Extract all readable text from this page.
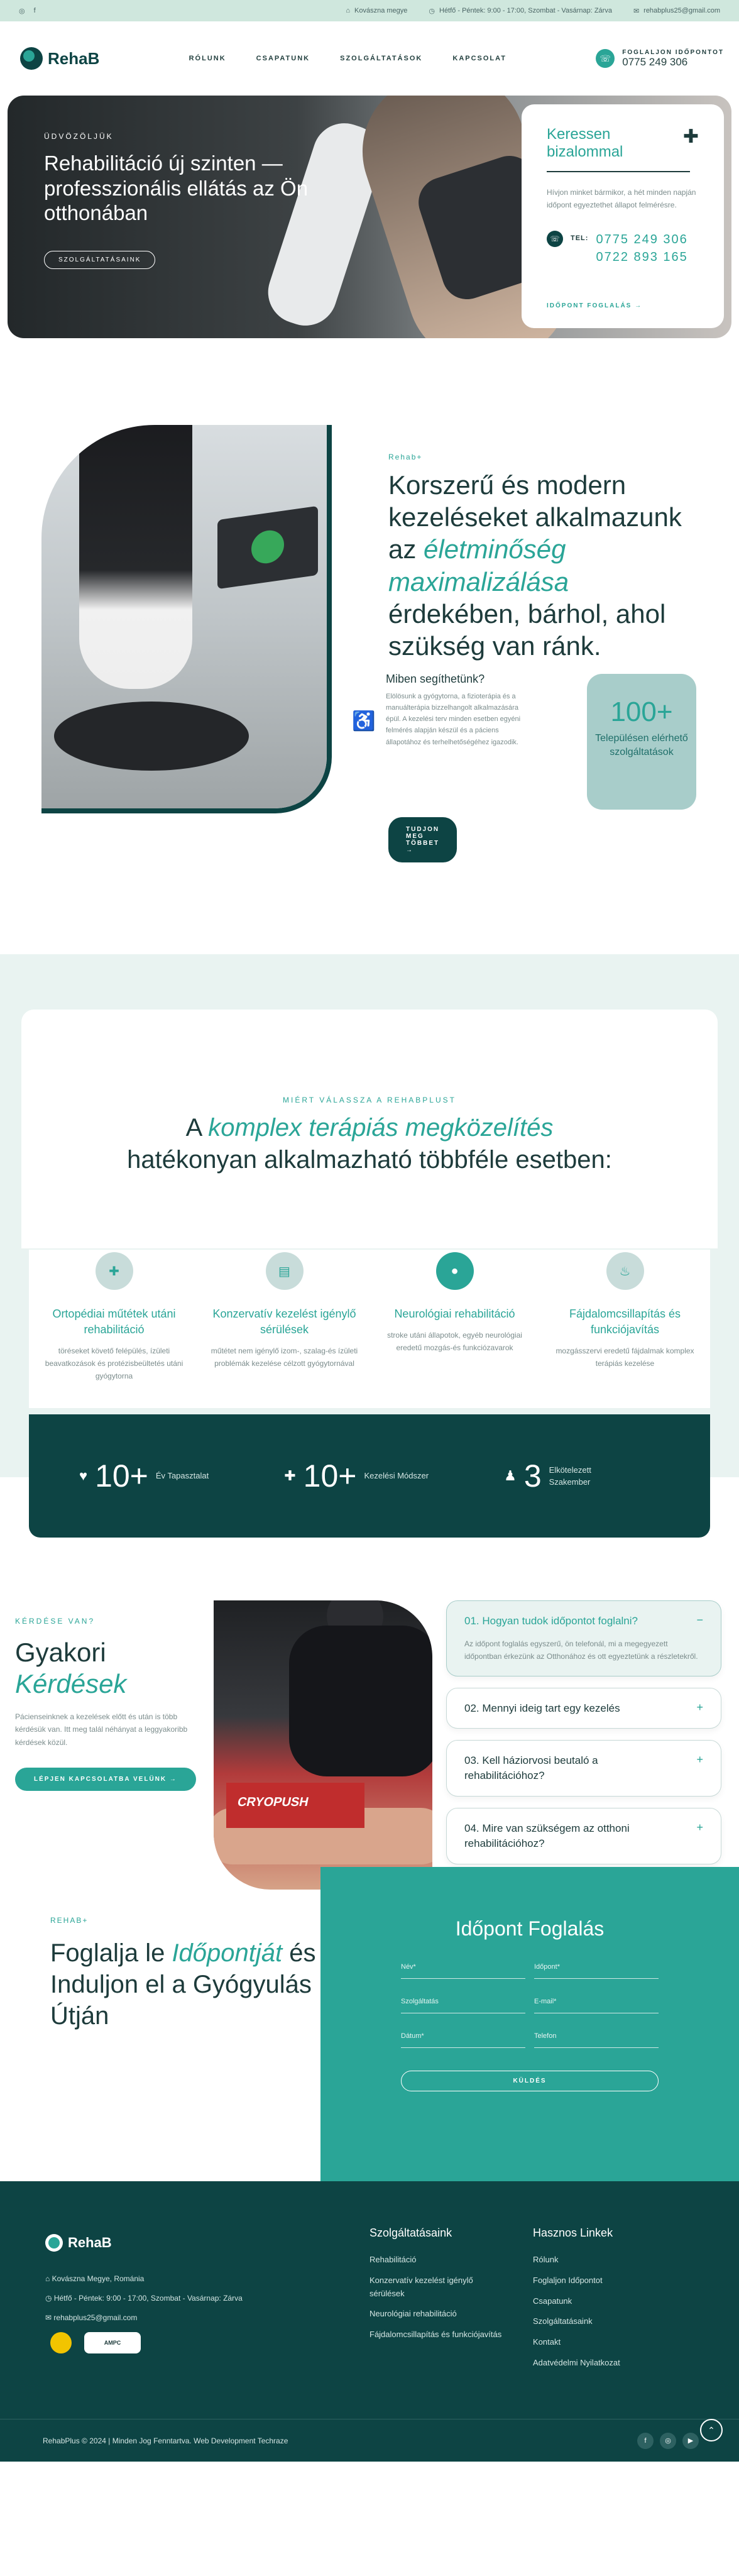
◎ f	⌂ Kovászna megye	◷ Hétfő - Péntek: 9:00 - 17:00, Szombat - Vasárnap: Zárva	✉ rehabplus25@gmail.com
RehaB	RÓLUNK	CSAPATUNK	SZOLGÁLTATÁSOK	KAPCSOLAT	☏
FOGLALJON IDŐPONTOT
0775 249 306
ÜDVÖZÖLJÜK
Rehabilitáció új szinten — professzionális ellátás az Ön otthonában
SZOLGÁLTATÁSAINK
Keressen bizalommal
✚

Hívjon minket bármikor, a hét minden napján időpont egyeztethet állapot felmérésre.

☏	TEL: 0775 249 306
0722 893 165
IDŐPONT FOGLALÁS →
Rehab+
Korszerű és modern kezeléseket alkalmazunk az életminőség maximalizálása érdekében, bárhol, ahol szükség van ránk.
♿
Miben segíthetünk?

Elölösunk a gyógytorna, a fizioterápia és a manuálterápia bizzelhangolt alkalmazására épül. A kezelési terv minden esetben egyéni felmérés alapján készül és a páciens állapotához és terhelhetőségéhez igazodik.

100+
Településen elérhető szolgáltatások
TUDJON MEG TÖBBET →
MIÉRT VÁLASSZA A REHABPLUST
A komplex terápiás megközelítés
hatékonyan alkalmazható többféle esetben:
✚
Ortopédiai műtétek utáni rehabilitáció

töréseket követő felépülés, ízületi beavatkozások és protézisbeültetés utáni gyógytorna

▤
Konzervatív kezelést igénylő sérülések

műtétet nem igénylő izom-, szalag-és ízületi problémák kezelése célzott gyógytornával

●
Neurológiai rehabilitáció

stroke utáni állapotok, egyéb neurológiai eredetű mozgás-és funkciózavarok

♨
Fájdalomcsillapítás és funkciójavítás

mozgásszervi eredetű fájdalmak komplex terápiás kezelése

♥ 10+ Év Tapasztalat	✚ 10+ Kezelési Módszer	♟ 3 Elkötelezett Szakember
KÉRDÉSE VAN?
Gyakori
Kérdések

Pácienseinknek a kezelések előtt és után is több kérdésük van. Itt meg talál néhányat a leggyakoribb kérdések közül.

LÉPJEN KAPCSOLATBA VELÜNK →
CRYOPUSH
01. Hogyan tudok időpontot foglalni?	−

Az időpont foglalás egyszerű, ön telefonál, mi a megegyezett időpontban érkezünk az Otthonához és ott egyeztetünk a részletekről.

02. Mennyi ideig tart egy kezelés	+
03. Kell háziorvosi beutaló a rehabilitációhoz?
+
04. Mire van szükségem az otthoni rehabilitációhoz?
+
REHAB+
Foglalja le Időpontját és Induljon el a Gyógyulás Útján
Időpont Foglalás
Név*	Időpont*
Szolgáltatás	E-mail*
Dátum*	Telefon
KÜLDÉS
RehaB
⌂ Kovászna Megye, Románia
◷ Hétfő - Péntek: 9:00 - 17:00, Szombat - Vasárnap: Zárva
✉ rehabplus25@gmail.com
AMPC
Szolgáltatásaink
Rehabilitáció
Konzervatív kezelést igénylő sérülések
Neurológiai rehabilitáció
Fájdalomcsillapítás és funkciójavítás
Hasznos Linkek
Rólunk
Foglaljon Időpontot
Csapatunk
Szolgáltatásaink
Kontakt
Adatvédelmi Nyilatkozat
RehabPlus © 2024 | Minden Jog Fenntartva. Web Development Techraze	f	◎	▶
⌃
